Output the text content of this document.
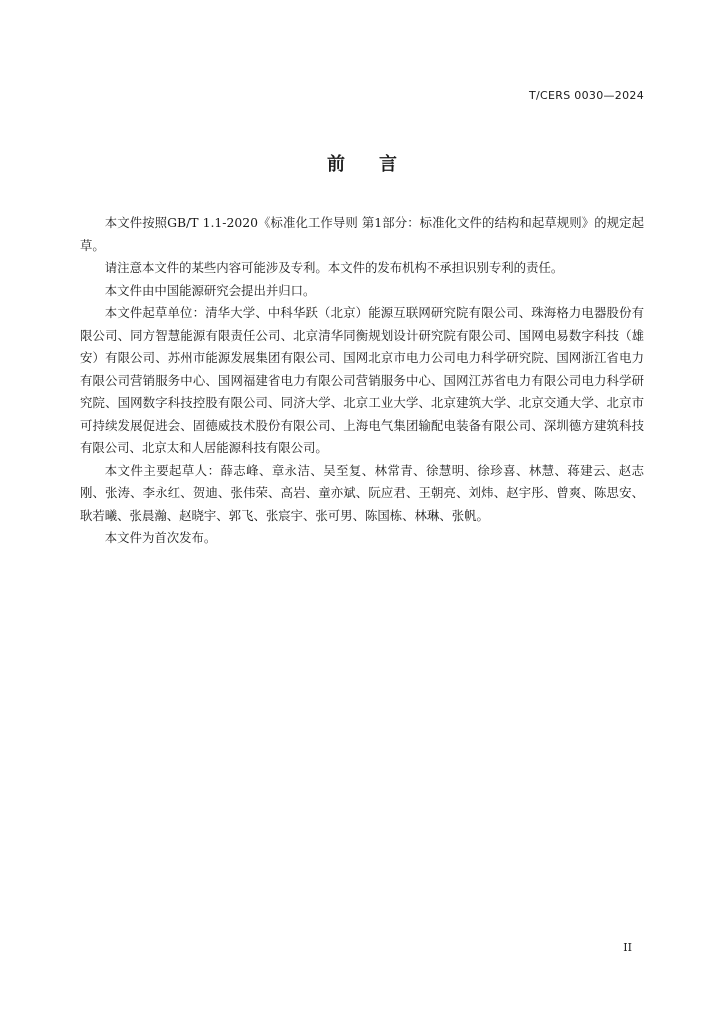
T/CERS 0030—2024
前言

本文件按照GB/T 1.1-2020《标准化工作导则 第1部分：标准化文件的结构和起草规则》的规定起草。

请注意本文件的某些内容可能涉及专利。本文件的发布机构不承担识别专利的责任。

本文件由中国能源研究会提出并归口。

本文件起草单位：清华大学、中科华跃（北京）能源互联网研究院有限公司、珠海格力电器股份有限公司、同方智慧能源有限责任公司、北京清华同衡规划设计研究院有限公司、国网电易数字科技（雄安）有限公司、苏州市能源发展集团有限公司、国网北京市电力公司电力科学研究院、国网浙江省电力有限公司营销服务中心、国网福建省电力有限公司营销服务中心、国网江苏省电力有限公司电力科学研究院、国网数字科技控股有限公司、同济大学、北京工业大学、北京建筑大学、北京交通大学、北京市可持续发展促进会、固德威技术股份有限公司、上海电气集团输配电装备有限公司、深圳德方建筑科技有限公司、北京太和人居能源科技有限公司。

本文件主要起草人：薛志峰、章永洁、吴至复、林常青、徐慧明、徐珍喜、林慧、蒋建云、赵志刚、张涛、李永红、贺迪、张伟荣、高岩、童亦斌、阮应君、王朝亮、刘炜、赵宇彤、曾爽、陈思安、耿若曦、张晨瀚、赵晓宇、郭飞、张宸宇、张可男、陈国栋、林琳、张帆。

本文件为首次发布。

II
